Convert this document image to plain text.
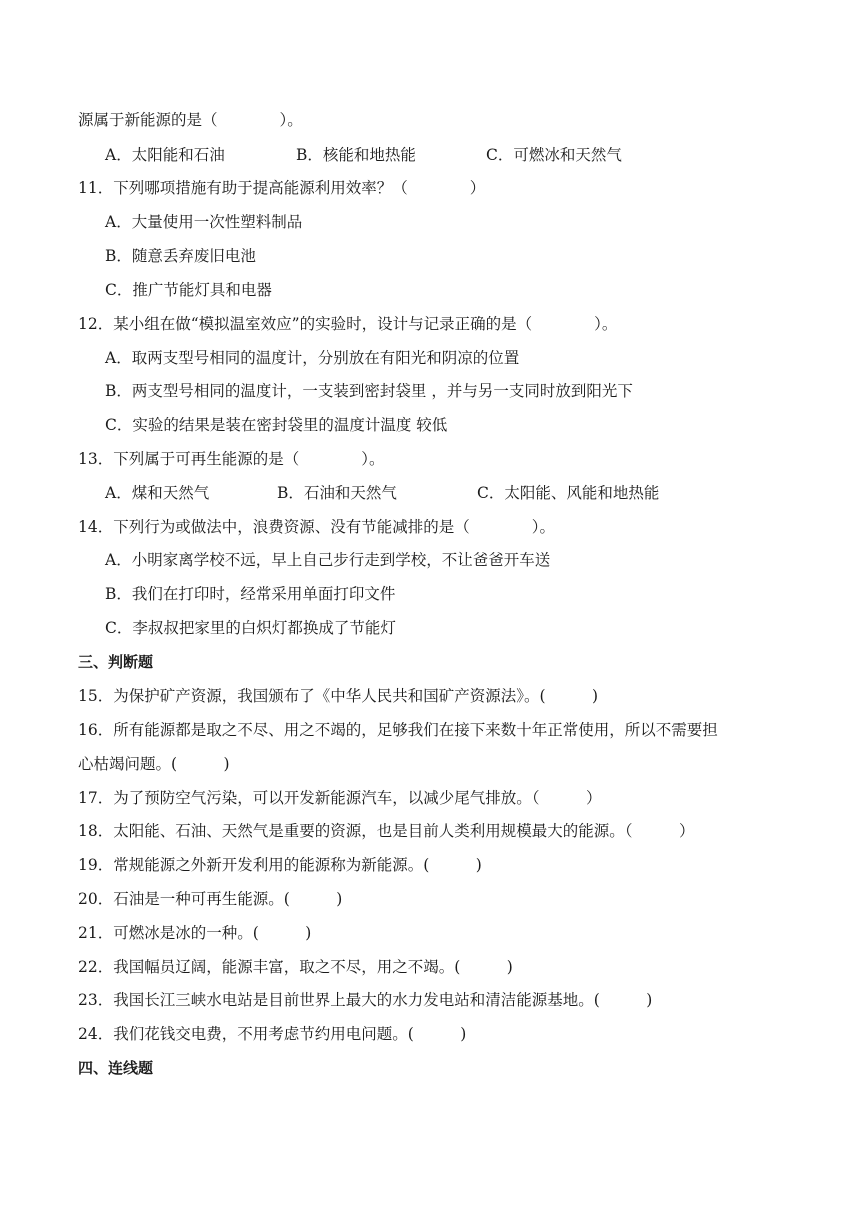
源属于新能源的是（　　　　）。
A．太阳能和石油	B．核能和地热能	C．可燃冰和天然气
11．下列哪项措施有助于提高能源利用效率？（　　　　）
A．大量使用一次性塑料制品
B．随意丢弃废旧电池
C．推广节能灯具和电器
12．某小组在做“模拟温室效应”的实验时，设计与记录正确的是（　　　　）。
A．取两支型号相同的温度计，分别放在有阳光和阴凉的位置
B．两支型号相同的温度计，一支装到密封袋里 ，并与另一支同时放到阳光下
C．实验的结果是装在密封袋里的温度计温度 较低
13．下列属于可再生能源的是（　　　　）。
A．煤和天然气	B．石油和天然气	C．太阳能、风能和地热能
14．下列行为或做法中，浪费资源、没有节能减排的是（　　　　）。
A．小明家离学校不远，早上自己步行走到学校，不让爸爸开车送
B．我们在打印时，经常采用单面打印文件
C．李叔叔把家里的白炽灯都换成了节能灯
三、判断题
15．为保护矿产资源，我国颁布了《中华人民共和国矿产资源法》。(　　　)
16．所有能源都是取之不尽、用之不竭的，足够我们在接下来数十年正常使用，所以不需要担
心枯竭问题。(　　　)
17．为了预防空气污染，可以开发新能源汽车，以减少尾气排放。（　　　）
18．太阳能、石油、天然气是重要的资源，也是目前人类利用规模最大的能源。（　　　）
19．常规能源之外新开发利用的能源称为新能源。(　　　)
20．石油是一种可再生能源。(　　　)
21．可燃冰是冰的一种。(　　　)
22．我国幅员辽阔，能源丰富，取之不尽，用之不竭。(　　　)
23．我国长江三峡水电站是目前世界上最大的水力发电站和清洁能源基地。(　　　)
24．我们花钱交电费，不用考虑节约用电问题。(　　　)
四、连线题
